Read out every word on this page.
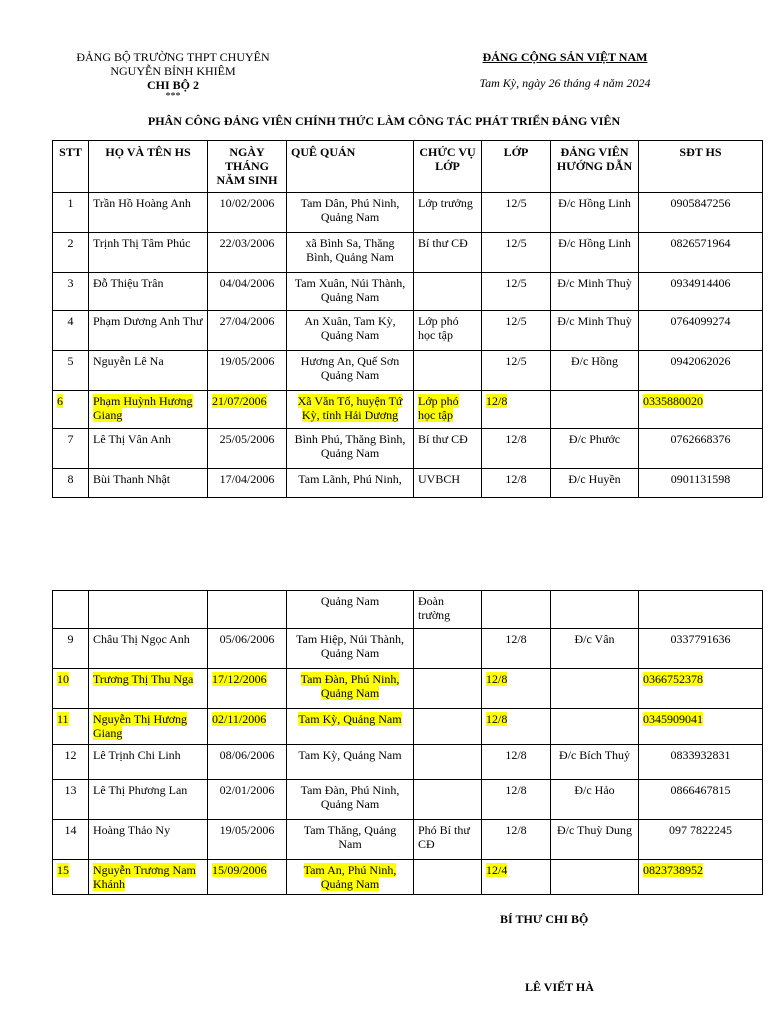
ĐẢNG BỘ TRƯỜNG THPT CHUYÊN
NGUYỄN BỈNH KHIÊM
CHI BỘ 2
***
ĐẢNG CỘNG SẢN VIỆT NAM
Tam Kỳ, ngày 26 tháng 4 năm 2024
PHÂN CÔNG ĐẢNG VIÊN CHÍNH THỨC LÀM CÔNG TÁC PHÁT TRIỂN ĐẢNG VIÊN
STT	HỌ VÀ TÊN HS	NGÀY THÁNG NĂM SINH	QUÊ QUÁN	CHỨC VỤ LỚP	LỚP	ĐẢNG VIÊN HƯỚNG DẪN	SĐT HS
1	Trần Hồ Hoàng Anh	10/02/2006	Tam Dân, Phú Ninh, Quảng Nam	Lớp trưởng	12/5	Đ/c Hồng Linh	0905847256
2	Trịnh Thị Tâm Phúc	22/03/2006	xã Bình Sa, Thăng Bình, Quảng Nam	Bí thư CĐ	12/5	Đ/c Hồng Linh	0826571964
3	Đỗ Thiệu Trân	04/04/2006	Tam Xuân, Núi Thành, Quảng Nam		12/5	Đ/c Minh Thuỳ	0934914406
4	Phạm Dương Anh Thư	27/04/2006	An Xuân, Tam Kỳ, Quảng Nam	Lớp phó học tập	12/5	Đ/c Minh Thuỳ	0764099274
5	Nguyễn Lê Na	19/05/2006	Hương An, Quế Sơn Quảng Nam		12/5	Đ/c Hồng	0942062026
6	Phạm Huỳnh Hương Giang	21/07/2006	Xã Văn Tố, huyện Tứ Kỳ, tỉnh Hải Dương	Lớp phó học tập	12/8		0335880020
7	Lê Thị Vân Anh	25/05/2006	Bình Phú, Thăng Bình, Quảng Nam	Bí thư CĐ	12/8	Đ/c Phước	0762668376
8	Bùi Thanh Nhật	17/04/2006	Tam Lãnh, Phú Ninh,	UVBCH	12/8	Đ/c Huyền	0901131598
			Quảng Nam	Đoàn trường			
9	Châu Thị Ngọc Anh	05/06/2006	Tam Hiệp, Núi Thành, Quảng Nam		12/8	Đ/c Vân	0337791636
10	Trương Thị Thu Nga	17/12/2006	Tam Đàn, Phú Ninh, Quảng Nam		12/8		0366752378
11	Nguyễn Thị Hương Giang	02/11/2006	Tam Kỳ, Quảng Nam		12/8		0345909041
12	Lê Trịnh Chi Linh	08/06/2006	Tam Kỳ, Quảng Nam		12/8	Đ/c Bích Thuỷ	0833932831
13	Lê Thị Phương Lan	02/01/2006	Tam Đàn, Phú Ninh, Quảng Nam		12/8	Đ/c Hảo	0866467815
14	Hoàng Thảo Ny	19/05/2006	Tam Thăng, Quảng Nam	Phó Bí thư CĐ	12/8	Đ/c Thuỳ Dung	097 7822245
15	Nguyễn Trương Nam Khánh	15/09/2006	Tam An, Phú Ninh, Quảng Nam		12/4		0823738952
BÍ THƯ CHI BỘ
LÊ VIẾT HÀ
